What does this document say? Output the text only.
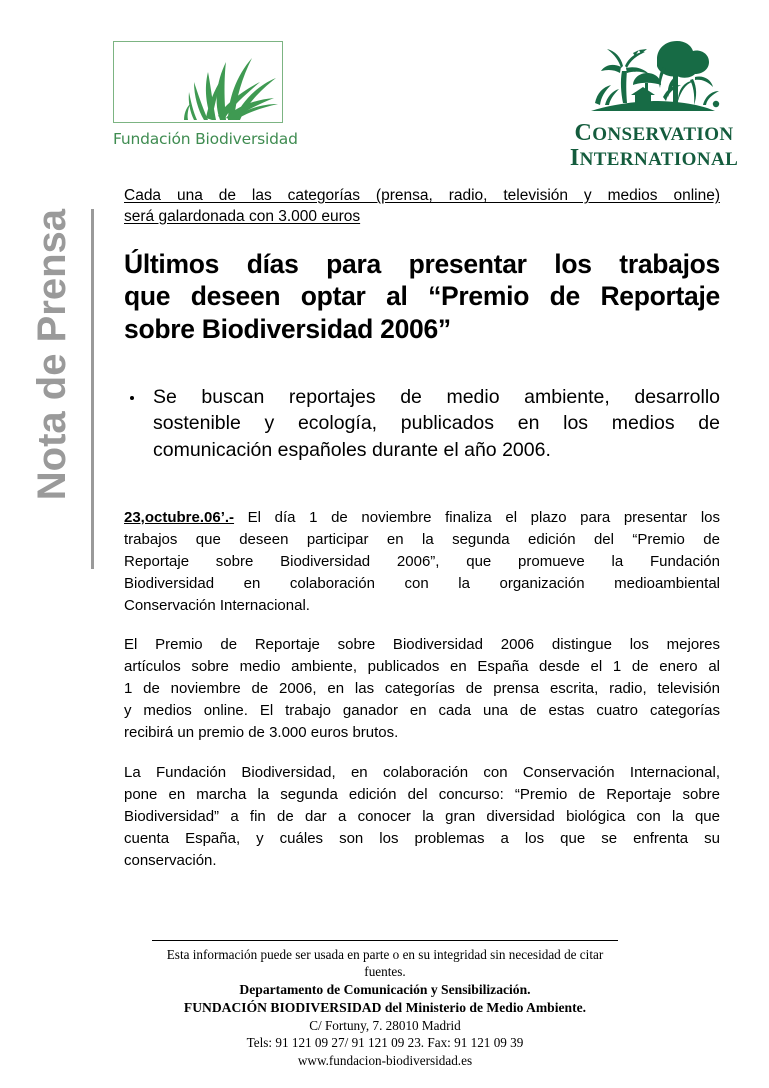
Fundación Biodiversidad	CONSERVATION
INTERNATIONAL
Nota de Prensa
Cada una de las categorías (prensa, radio, televisión y medios online)
será galardonada con 3.000 euros
Últimos días para presentar los trabajos
que deseen optar al “Premio de Reportaje
sobre Biodiversidad 2006”
Se buscan reportajes de medio ambiente, desarrollo
sostenible y ecología, publicados en los medios de
comunicación españoles durante el año 2006.

23,octubre.06’.- El día 1 de noviembre finaliza el plazo para presentar los
trabajos que deseen participar en la segunda edición del “Premio de
Reportaje sobre Biodiversidad 2006”, que promueve la Fundación
Biodiversidad en colaboración con la organización medioambiental
Conservación Internacional.

El Premio de Reportaje sobre Biodiversidad 2006 distingue los mejores
artículos sobre medio ambiente, publicados en España desde el 1 de enero al
1 de noviembre de 2006, en las categorías de prensa escrita, radio, televisión
y medios online. El trabajo ganador en cada una de estas cuatro categorías
recibirá un premio de 3.000 euros brutos.

La Fundación Biodiversidad, en colaboración con Conservación Internacional,
pone en marcha la segunda edición del concurso: “Premio de Reportaje sobre
Biodiversidad” a fin de dar a conocer la gran diversidad biológica con la que
cuenta España, y cuáles son los problemas a los que se enfrenta su
conservación.

Esta información puede ser usada en parte o en su integridad sin necesidad de citar fuentes.
Departamento de Comunicación y Sensibilización.
FUNDACIÓN BIODIVERSIDAD del Ministerio de Medio Ambiente.
C/ Fortuny, 7. 28010 Madrid
Tels: 91 121 09 27/ 91 121 09 23. Fax: 91 121 09 39
www.fundacion-biodiversidad.es
